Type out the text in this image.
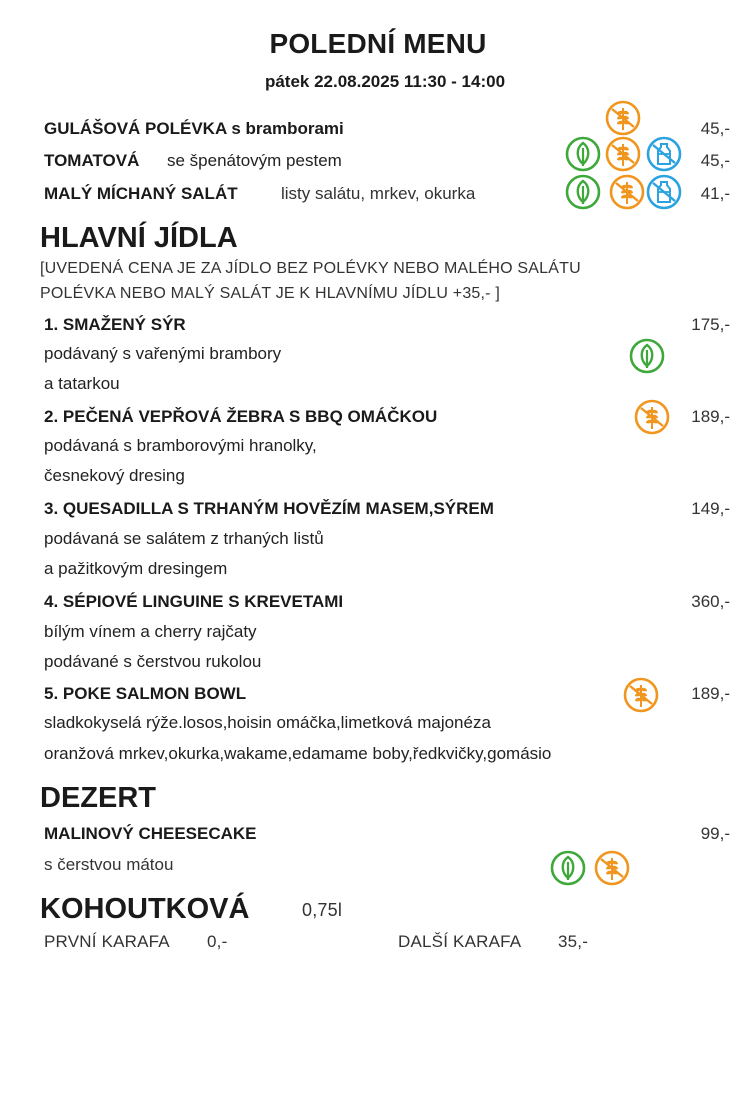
POLEDNÍ MENU
pátek 22.08.2025 11:30 - 14:00
GULÁŠOVÁ POLÉVKA s bramborami	45,-
TOMATOVÁ se špenátovým pestem	45,-
MALÝ MÍCHANÝ SALÁT	listy salátu, mrkev, okurka	41,-
HLAVNÍ JÍDLA
[UVEDENÁ CENA JE ZA JÍDLO BEZ POLÉVKY NEBO MALÉHO SALÁTU
POLÉVKA NEBO MALÝ SALÁT JE K HLAVNÍMU JÍDLU +35,- ]
1. SMAŽENÝ SÝR	175,-
podávaný s vařenými brambory
a tatarkou
2. PEČENÁ VEPŘOVÁ ŽEBRA S BBQ OMÁČKOU	189,-
podávaná s bramborovými hranolky,
česnekový dresing
3. QUESADILLA S TRHANÝM HOVĚZÍM MASEM,SÝREM	149,-
podávaná se salátem z trhaných listů
a pažitkovým dresingem
4. SÉPIOVÉ LINGUINE S KREVETAMI	360,-
bílým vínem a cherry rajčaty
podávané s čerstvou rukolou
5. POKE SALMON BOWL	189,-
sladkokyselá rýže.losos,hoisin omáčka,limetková majonéza
oranžová mrkev,okurka,wakame,edamame boby,ředkvičky,gomásio
DEZERT
MALINOVÝ CHEESECAKE	99,-
s čerstvou mátou
KOHOUTKOVÁ	0,75l
PRVNÍ KARAFA 0,-	DALŠÍ KARAFA 35,-
